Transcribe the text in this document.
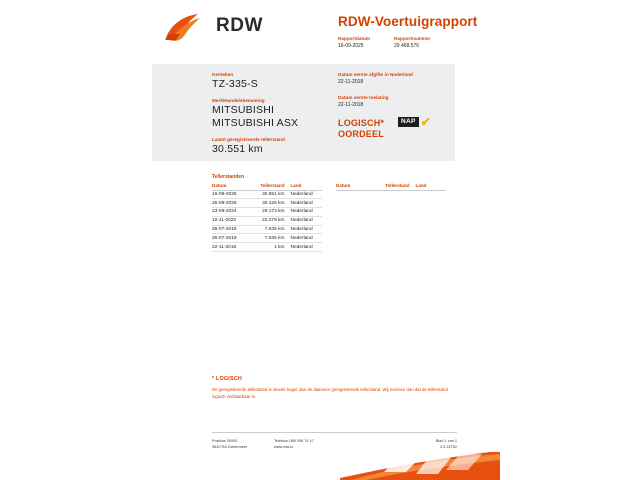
RDW	RDW-Voertuigrapport
Rapportdatum
16-09-2025
Rapportnummer
29.468.576
Kenteken
TZ-335-S
Merk/Handelsbenaming
MITSUBISHI
MITSUBISHI ASX
Laatst geregistreerde tellerstand
30.551 km
Datum eerste afgifte in Nederland
22-11-2018
Datum eerste toelating
22-11-2018
LOGISCH*
OORDEEL
NAP ✔
Tellerstanden
Datum	Tellerstand	Land
16-09-2025	30.551 km	Nederland
25-08-2025	30.426 km	Nederland
23-09-2024	29.173 km	Nederland
10-11-2022	22.278 km	Nederland
26-07-2019	7.535 km	Nederland
26-07-2019	7.535 km	Nederland
22-11-2018	1 km	Nederland
Datum	Tellerstand	Land
* LOGISCH
De geregistreerde tellerstand is steeds hoger dan de daarvoor geregistreerde tellerstand. Wij noemen dan dat de tellerstand logisch verklaarbaar is.
Postbus 30000
9640 RA Zoetermeer
Telefoon 088 008 74 47
www.rdw.nl
Blad 1 van 1
2.5.16752
